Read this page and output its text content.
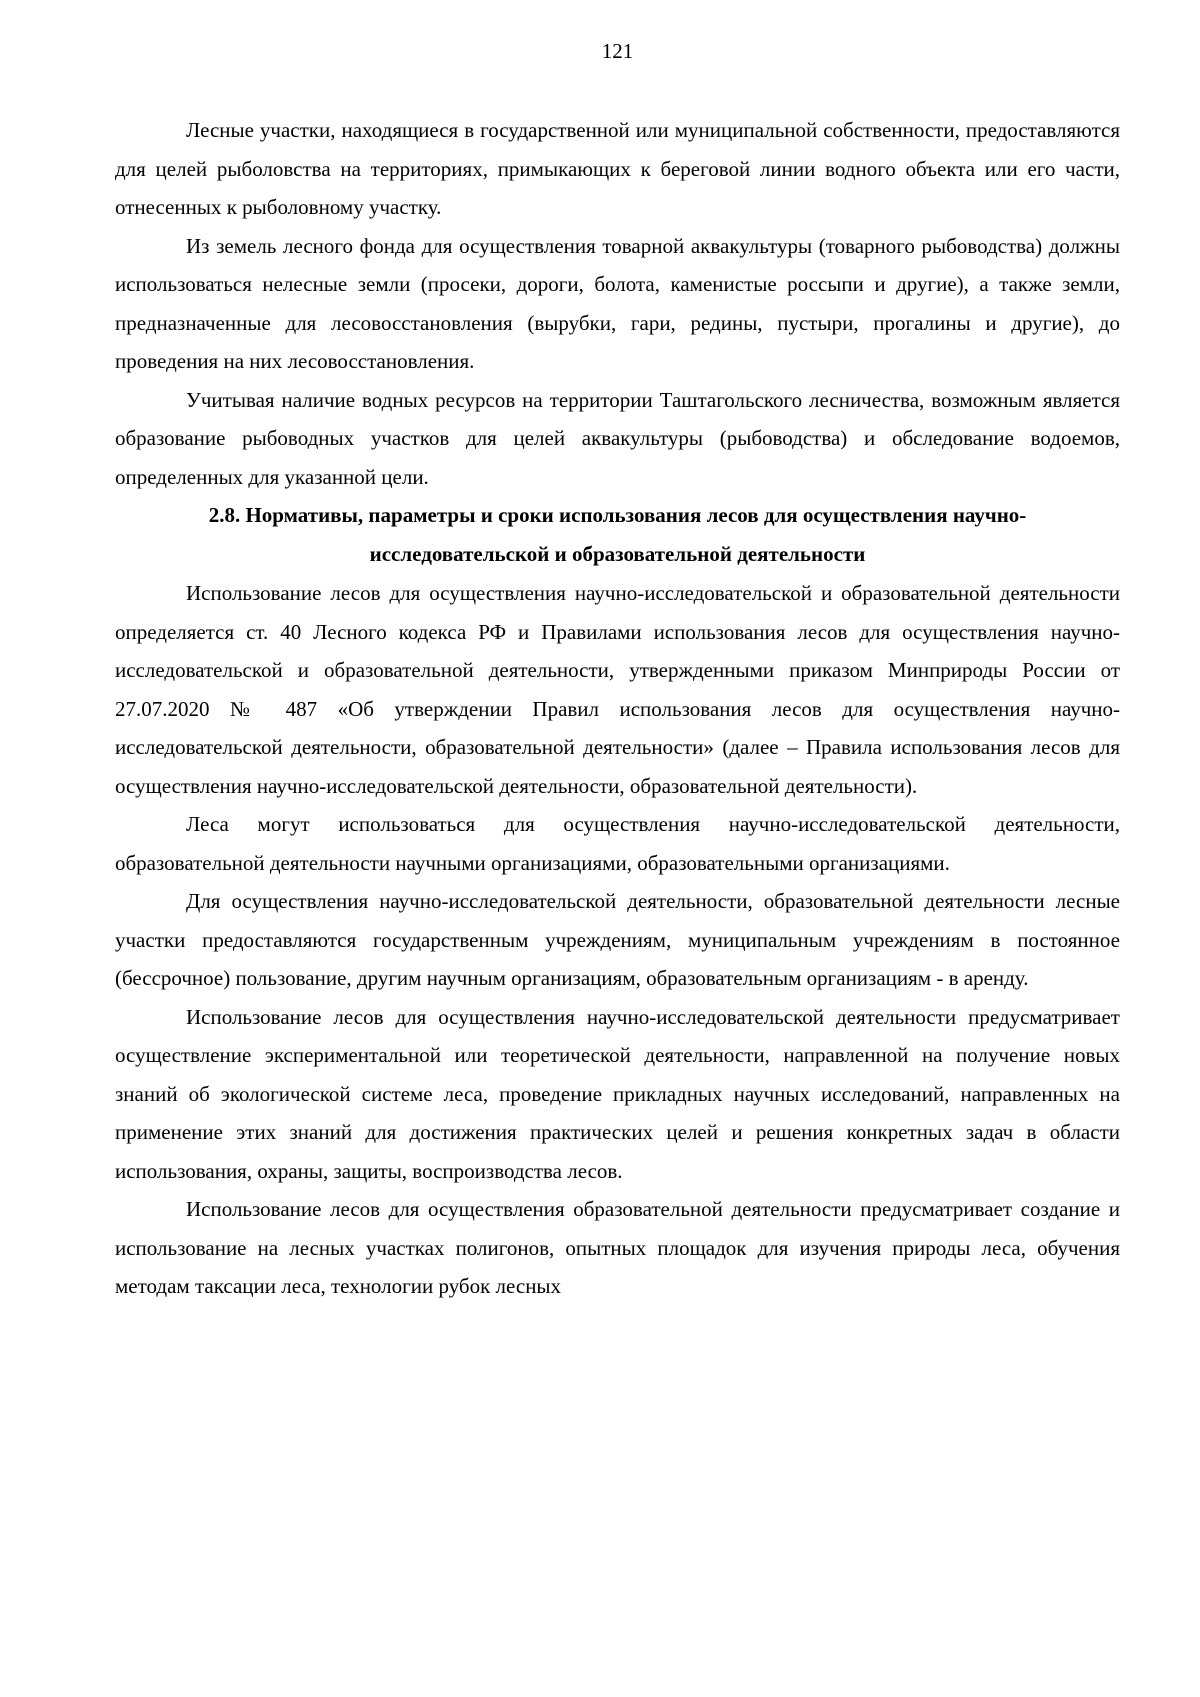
121

Лесные участки, находящиеся в государственной или муниципальной собственности, предоставляются для целей рыболовства на территориях, примыкающих к береговой линии водного объекта или его части, отнесенных к рыболовному участку.

Из земель лесного фонда для осуществления товарной аквакультуры (товарного рыбоводства) должны использоваться нелесные земли (просеки, дороги, болота, каменистые россыпи и другие), а также земли, предназначенные для лесовосстановления (вырубки, гари, редины, пустыри, прогалины и другие), до проведения на них лесовосстановления.

Учитывая наличие водных ресурсов на территории Таштагольского лесничества, возможным является образование рыбоводных участков для целей аквакультуры (рыбоводства) и обследование водоемов, определенных для указанной цели.

2.8. Нормативы, параметры и сроки использования лесов для осуществления научно-исследовательской и образовательной деятельности

Использование лесов для осуществления научно-исследовательской и образовательной деятельности определяется ст. 40 Лесного кодекса РФ и Правилами использования лесов для осуществления научно-исследовательской и образовательной деятельности, утвержденными приказом Минприроды России от 27.07.2020 № 487 «Об утверждении Правил использования лесов для осуществления научно-исследовательской деятельности, образовательной деятельности» (далее – Правила использования лесов для осуществления научно-исследовательской деятельности, образовательной деятельности).

Леса могут использоваться для осуществления научно-исследовательской деятельности, образовательной деятельности научными организациями, образовательными организациями.

Для осуществления научно-исследовательской деятельности, образовательной деятельности лесные участки предоставляются государственным учреждениям, муниципальным учреждениям в постоянное (бессрочное) пользование, другим научным организациям, образовательным организациям - в аренду.

Использование лесов для осуществления научно-исследовательской деятельности предусматривает осуществление экспериментальной или теоретической деятельности, направленной на получение новых знаний об экологической системе леса, проведение прикладных научных исследований, направленных на применение этих знаний для достижения практических целей и решения конкретных задач в области использования, охраны, защиты, воспроизводства лесов.

Использование лесов для осуществления образовательной деятельности предусматривает создание и использование на лесных участках полигонов, опытных площадок для изучения природы леса, обучения методам таксации леса, технологии рубок лесных
